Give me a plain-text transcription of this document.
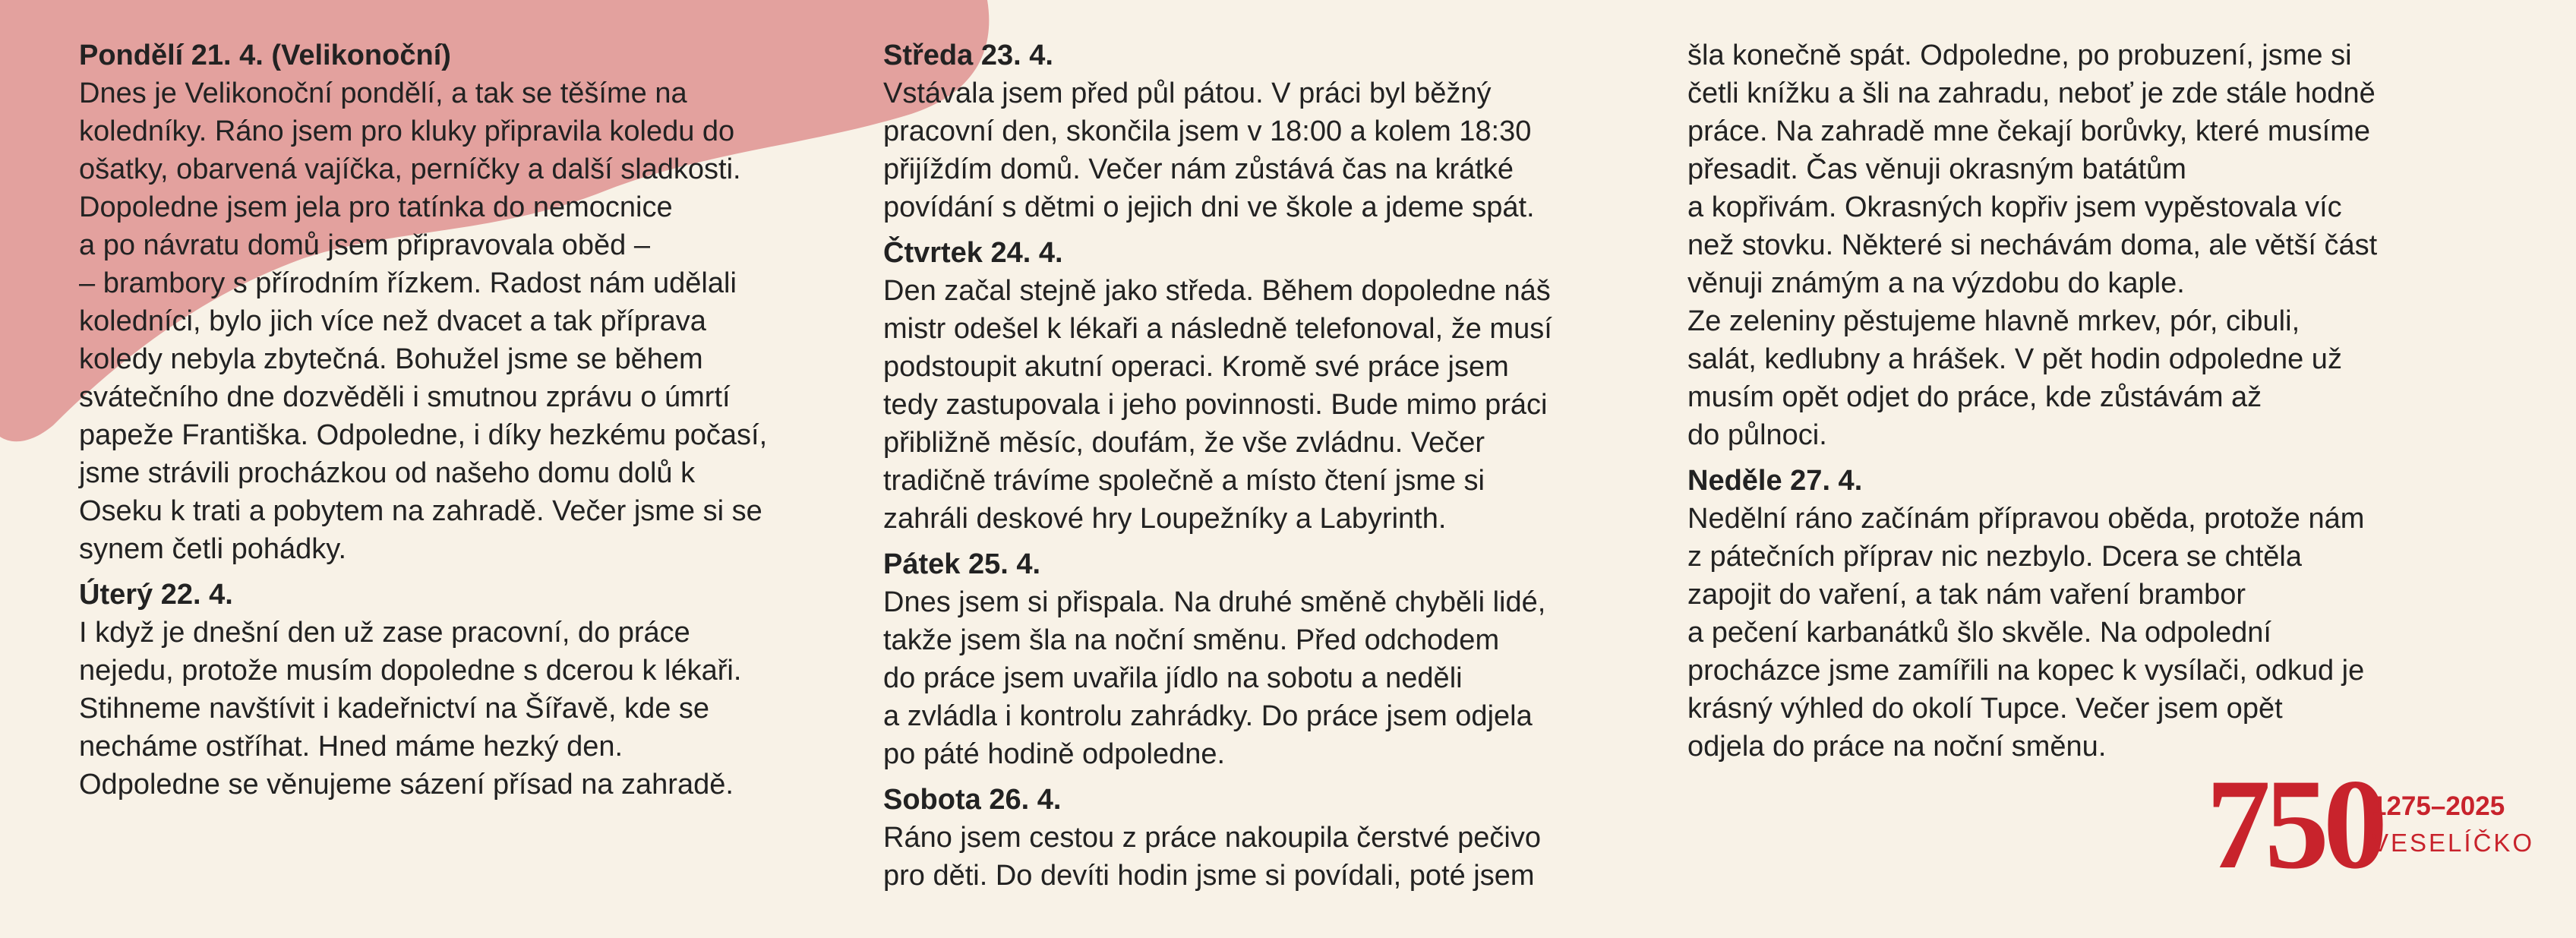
Pondělí 21. 4. (Velikonoční)

Dnes je Velikonoční pondělí, a tak se těšíme na
koledníky. Ráno jsem pro kluky připravila koledu do
ošatky, obarvená vajíčka, perníčky a další sladkosti.
Dopoledne jsem jela pro tatínka do nemocnice
a po návratu domů jsem připravovala oběd –
– brambory s přírodním řízkem. Radost nám udělali
koledníci, bylo jich více než dvacet a tak příprava
koledy nebyla zbytečná. Bohužel jsme se během
svátečního dne dozvěděli i smutnou zprávu o úmrtí
papeže Františka. Odpoledne, i díky hezkému počasí,
jsme strávili procházkou od našeho domu dolů k
Oseku k trati a pobytem na zahradě. Večer jsme si se
synem četli pohádky.

Úterý 22. 4.

I když je dnešní den už zase pracovní, do práce
nejedu, protože musím dopoledne s dcerou k lékaři.
Stihneme navštívit i kadeřnictví na Šířavě, kde se
necháme ostříhat. Hned máme hezký den.
Odpoledne se věnujeme sázení přísad na zahradě.

Středa 23. 4.

Vstávala jsem před půl pátou. V práci byl běžný
pracovní den, skončila jsem v 18:00 a kolem 18:30
přijíždím domů. Večer nám zůstává čas na krátké
povídání s dětmi o jejich dni ve škole a jdeme spát.

Čtvrtek 24. 4.

Den začal stejně jako středa. Během dopoledne náš
mistr odešel k lékaři a následně telefonoval, že musí
podstoupit akutní operaci. Kromě své práce jsem
tedy zastupovala i jeho povinnosti. Bude mimo práci
přibližně měsíc, doufám, že vše zvládnu. Večer
tradičně trávíme společně a místo čtení jsme si
zahráli deskové hry Loupežníky a Labyrinth.

Pátek 25. 4.

Dnes jsem si přispala. Na druhé směně chyběli lidé,
takže jsem šla na noční směnu. Před odchodem
do práce jsem uvařila jídlo na sobotu a neděli
a zvládla i kontrolu zahrádky. Do práce jsem odjela
po páté hodině odpoledne.

Sobota 26. 4.

Ráno jsem cestou z práce nakoupila čerstvé pečivo
pro děti. Do devíti hodin jsme si povídali, poté jsem

šla konečně spát. Odpoledne, po probuzení, jsme si
četli knížku a šli na zahradu, neboť je zde stále hodně
práce. Na zahradě mne čekají borůvky, které musíme
přesadit. Čas věnuji okrasným batátům
a kopřivám. Okrasných kopřiv jsem vypěstovala víc
než stovku. Některé si nechávám doma, ale větší část
věnuji známým a na výzdobu do kaple.
Ze zeleniny pěstujeme hlavně mrkev, pór, cibuli,
salát, kedlubny a hrášek. V pět hodin odpoledne už
musím opět odjet do práce, kde zůstávám až
do půlnoci.

Neděle 27. 4.

Nedělní ráno začínám přípravou oběda, protože nám
z pátečních příprav nic nezbylo. Dcera se chtěla
zapojit do vaření, a tak nám vaření brambor
a pečení karbanátků šlo skvěle. Na odpolední
procházce jsme zamířili na kopec k vysílači, odkud je
krásný výhled do okolí Tupce. Večer jsem opět
odjela do práce na noční směnu.

750
1275–2025
VESELÍČKO
